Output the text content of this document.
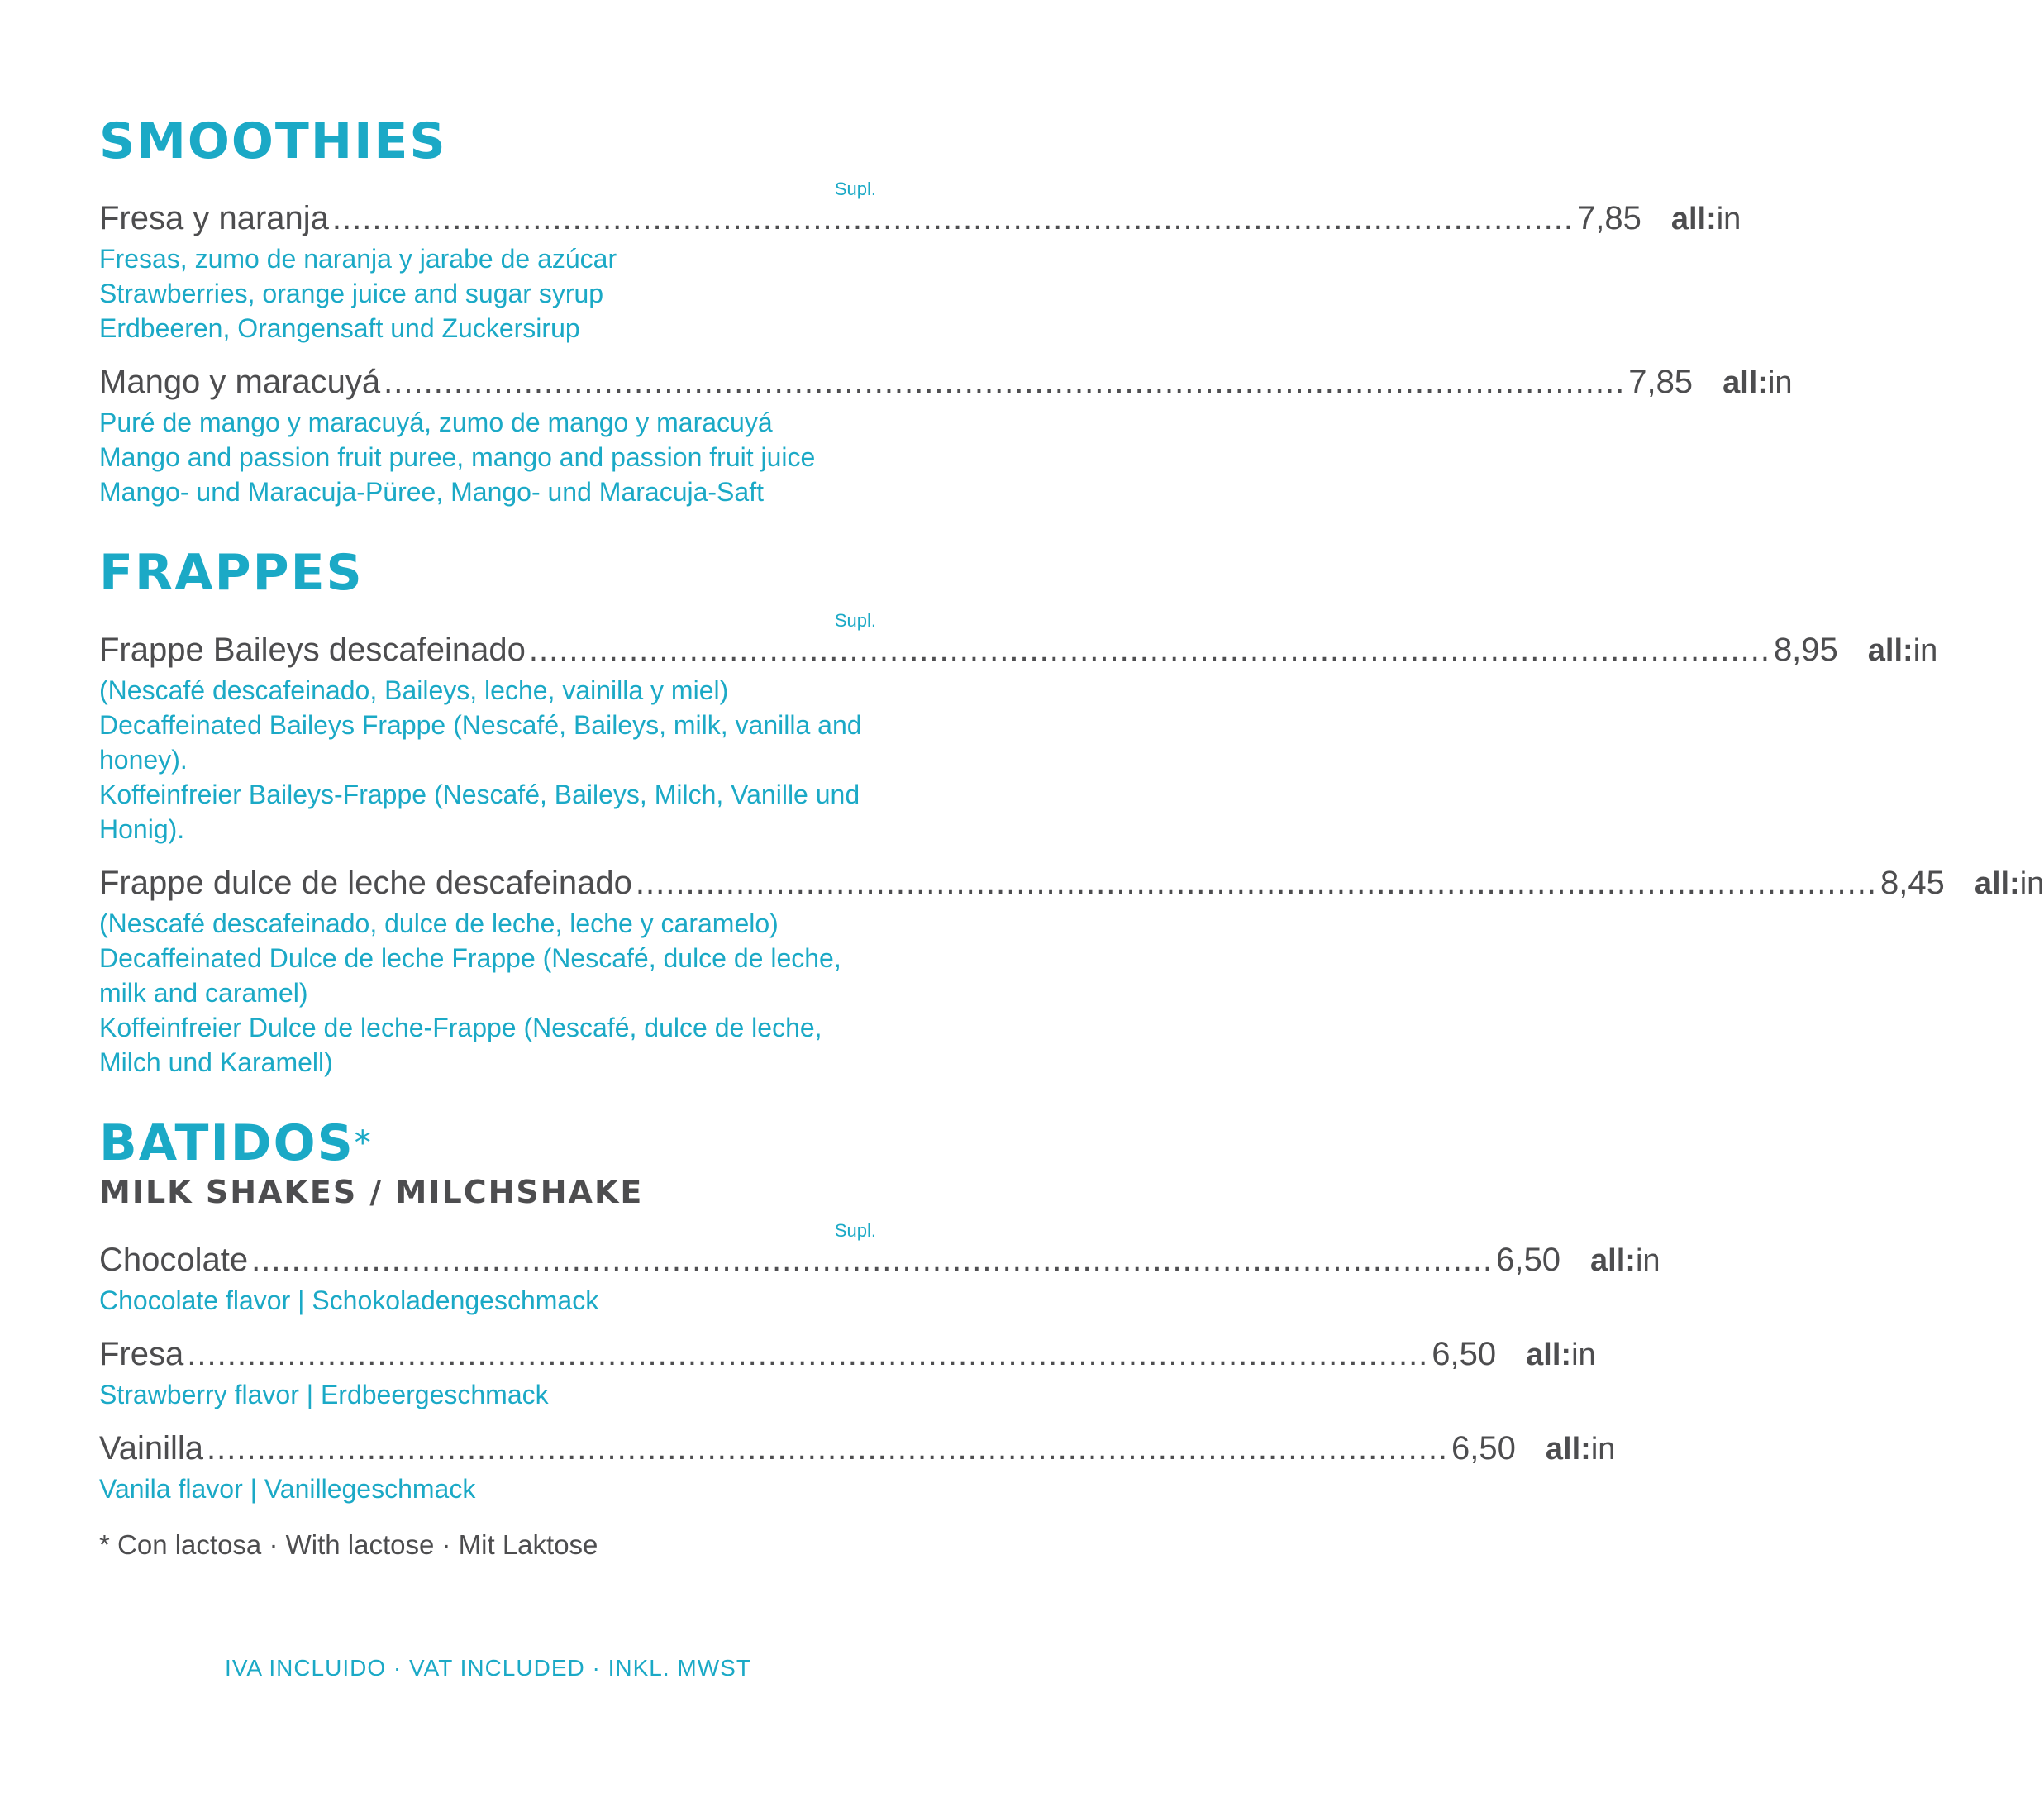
SMOOTHIES
Supl.
Fresa y naranja ............................................................................................................................ 7,85 all:in
Fresas, zumo de naranja y jarabe de azúcar
Strawberries, orange juice and sugar syrup
Erdbeeren, Orangensaft und Zuckersirup
Mango y maracuyá ............................................................................................................................ 7,85 all:in
Puré de mango y maracuyá, zumo de mango y maracuyá
Mango and passion fruit puree, mango and passion fruit juice
Mango- und Maracuja-Püree, Mango- und Maracuja-Saft
FRAPPES
Supl.
Frappe Baileys descafeinado ............................................................................................................................ 8,95 all:in
(Nescafé descafeinado, Baileys, leche, vainilla y miel)
Decaffeinated Baileys Frappe (Nescafé, Baileys, milk, vanilla and honey).
Koffeinfreier Baileys-Frappe (Nescafé, Baileys, Milch, Vanille und Honig).
Frappe dulce de leche descafeinado ............................................................................................................................ 8,45 all:in
(Nescafé descafeinado, dulce de leche, leche y caramelo)
Decaffeinated Dulce de leche Frappe (Nescafé, dulce de leche, milk and caramel)
Koffeinfreier Dulce de leche-Frappe (Nescafé, dulce de leche, Milch und Karamell)
BATIDOS*
MILK SHAKES / MILCHSHAKE
Supl.
Chocolate ............................................................................................................................ 6,50 all:in
Chocolate flavor | Schokoladengeschmack
Fresa ............................................................................................................................ 6,50 all:in
Strawberry flavor | Erdbeergeschmack
Vainilla ............................................................................................................................ 6,50 all:in
Vanila flavor | Vanillegeschmack
* Con lactosa · With lactose · Mit Laktose
IVA INCLUIDO · VAT INCLUDED · INKL. MWST
